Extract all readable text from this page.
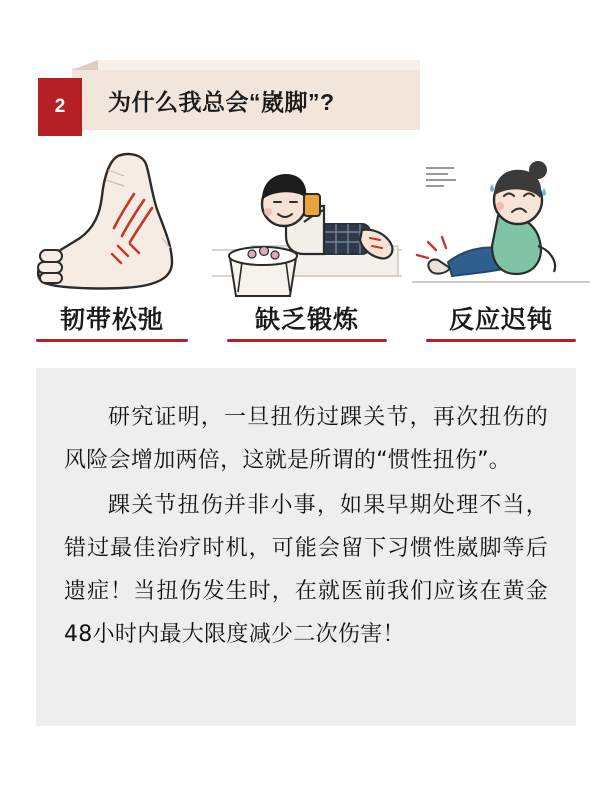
2	为什么我总会“崴脚”?
韧带松弛	缺乏锻炼	反应迟钝

研究证明，一旦扭伤过踝关节，再次扭伤的风险会增加两倍，这就是所谓的“惯性扭伤”。

踝关节扭伤并非小事，如果早期处理不当，错过最佳治疗时机，可能会留下习惯性崴脚等后遗症！当扭伤发生时，在就医前我们应该在黄金48小时内最大限度减少二次伤害！
